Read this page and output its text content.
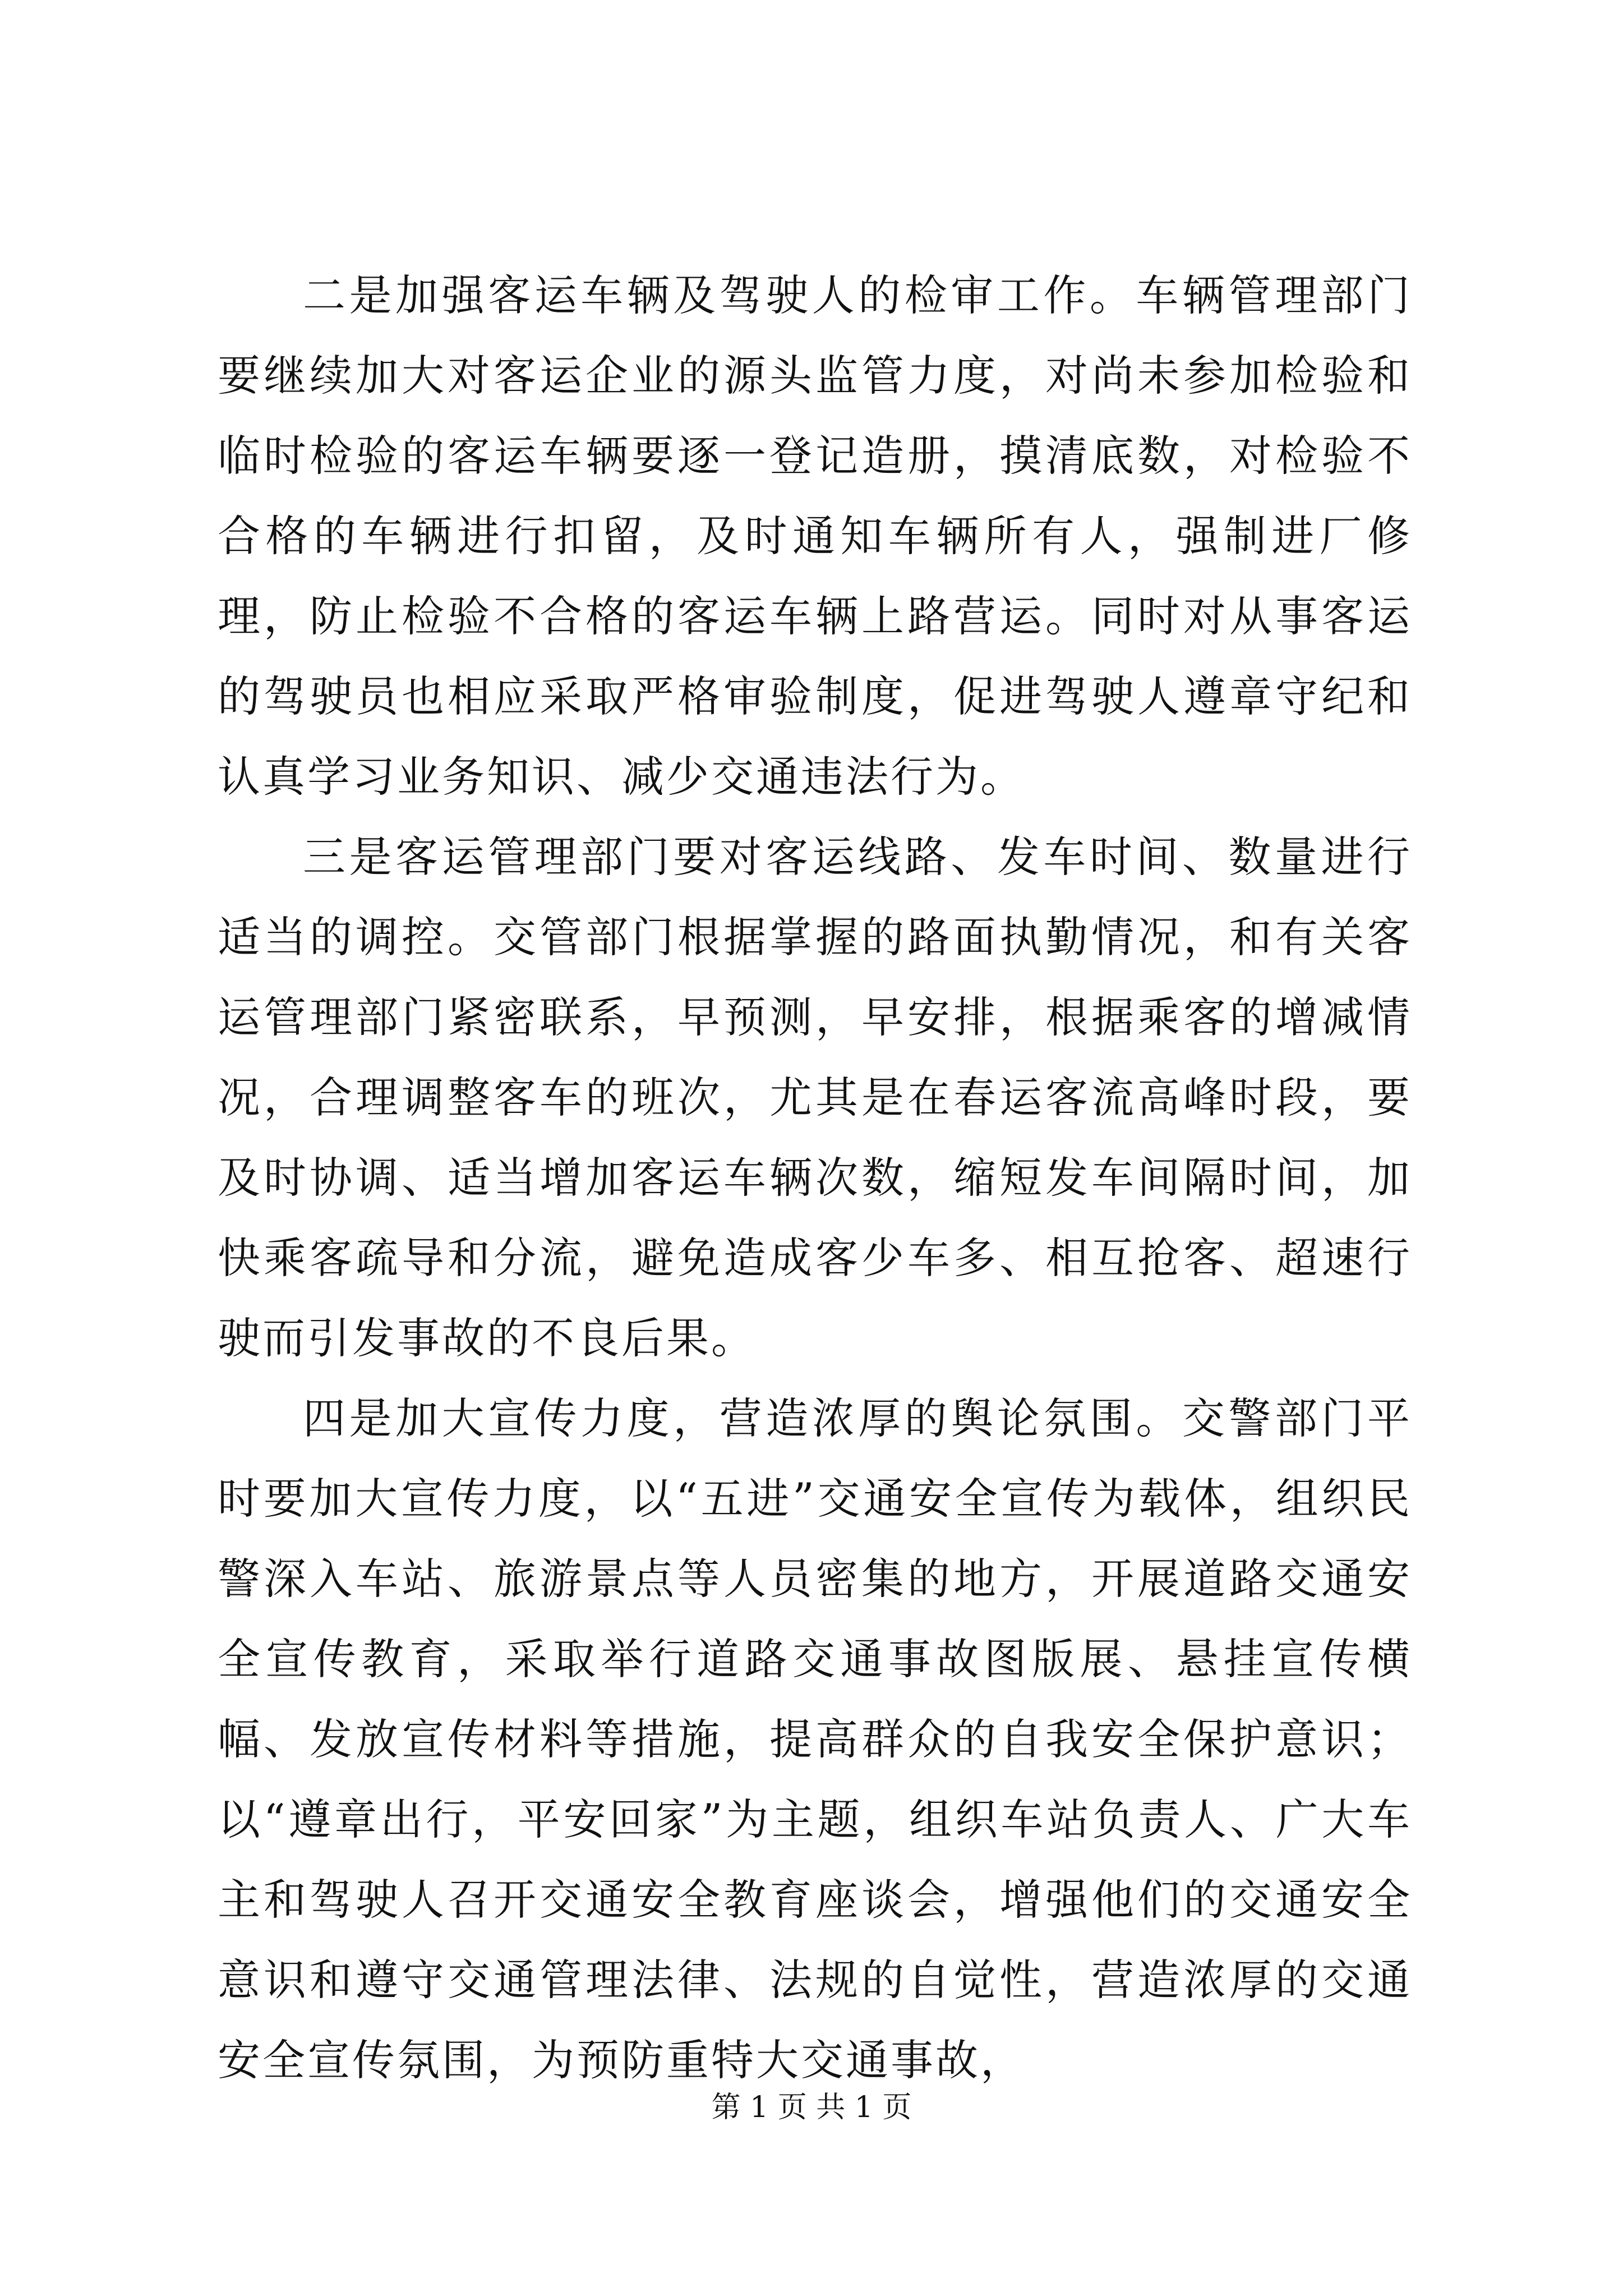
二是加强客运车辆及驾驶人的检审工作。车辆管理部门要继续加大对客运企业的源头监管力度，对尚未参加检验和临时检验的客运车辆要逐一登记造册，摸清底数，对检验不合格的车辆进行扣留，及时通知车辆所有人，强制进厂修理，防止检验不合格的客运车辆上路营运。同时对从事客运的驾驶员也相应采取严格审验制度，促进驾驶人遵章守纪和认真学习业务知识、减少交通违法行为。

三是客运管理部门要对客运线路、发车时间、数量进行适当的调控。交管部门根据掌握的路面执勤情况，和有关客运管理部门紧密联系，早预测，早安排，根据乘客的增减情况，合理调整客车的班次，尤其是在春运客流高峰时段，要及时协调、适当增加客运车辆次数，缩短发车间隔时间，加快乘客疏导和分流，避免造成客少车多、相互抢客、超速行驶而引发事故的不良后果。

四是加大宣传力度，营造浓厚的舆论氛围。交警部门平时要加大宣传力度，以“五进”交通安全宣传为载体，组织民警深入车站、旅游景点等人员密集的地方，开展道路交通安全宣传教育，采取举行道路交通事故图版展、悬挂宣传横幅、发放宣传材料等措施，提高群众的自我安全保护意识；以“遵章出行，平安回家”为主题，组织车站负责人、广大车主和驾驶人召开交通安全教育座谈会，增强他们的交通安全意识和遵守交通管理法律、法规的自觉性，营造浓厚的交通安全宣传氛围，为预防重特大交通事故，

第 1 页 共 1 页
